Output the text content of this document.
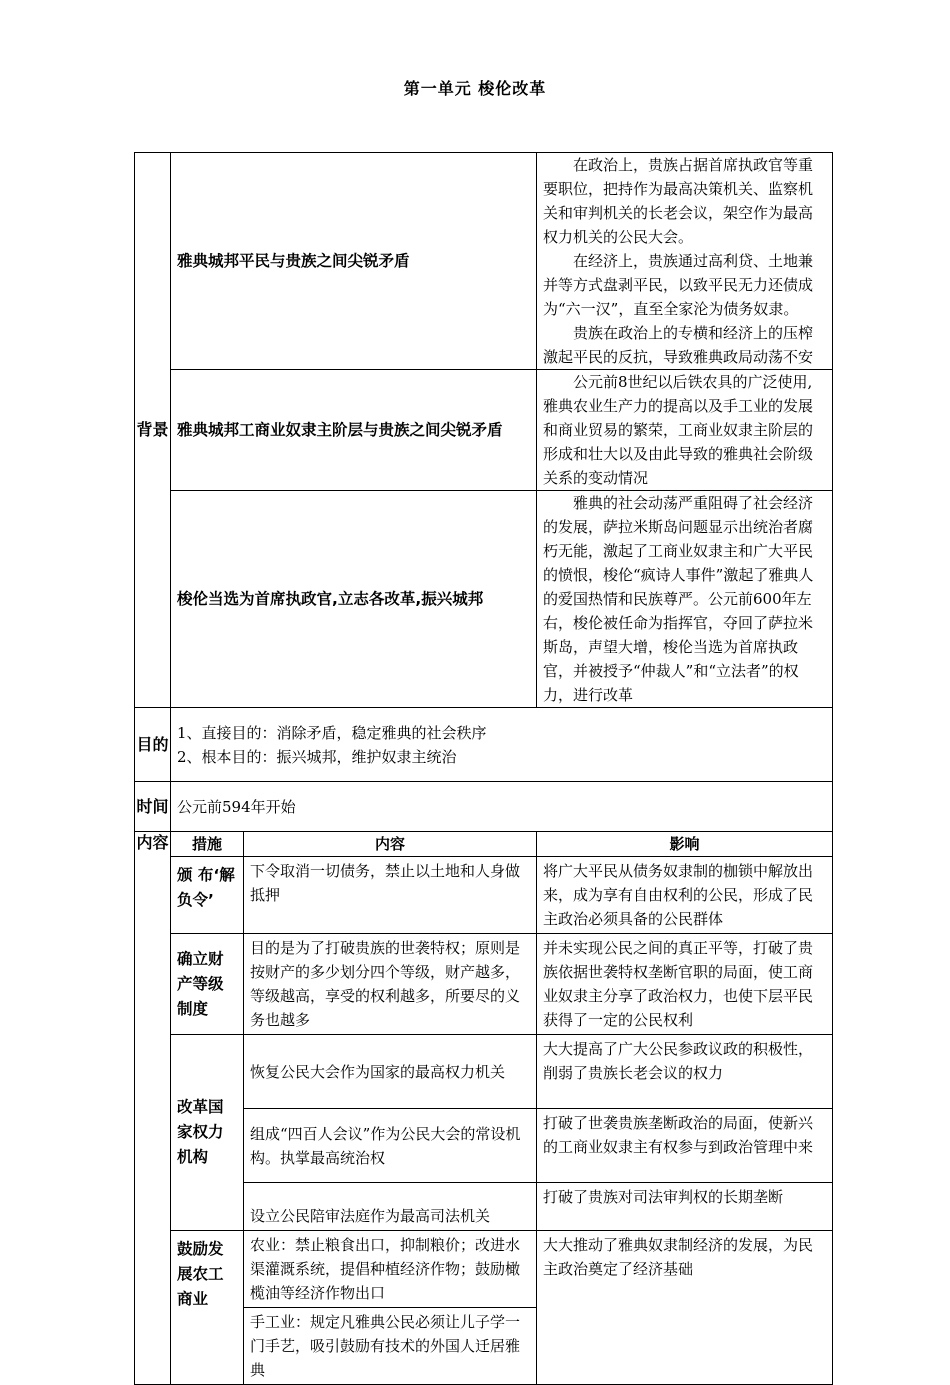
第一单元 梭伦改革
背景	雅典城邦平民与贵族之间尖锐矛盾		在政治上，贵族占据首席执政官等重要职位，把持作为最高决策机关、监察机关和审判机关的长老会议，架空作为最高权力机关的公民大会。

在经济上，贵族通过高利贷、土地兼并等方式盘剥平民，以致平民无力还债成为“六一汉”，直至全家沦为债务奴隶。

贵族在政治上的专横和经济上的压榨激起平民的反抗，导致雅典政局动荡不安

	雅典城邦工商业奴隶主阶层与贵族之间尖锐矛盾		公元前8世纪以后铁农具的广泛使用,雅典农业生产力的提高以及手工业的发展和商业贸易的繁荣，工商业奴隶主阶层的形成和壮大以及由此导致的雅典社会阶级关系的变动情况

	梭伦当选为首席执政官,立志各改革,振兴城邦		雅典的社会动荡严重阻碍了社会经济的发展，萨拉米斯岛问题显示出统治者腐朽无能，激起了工商业奴隶主和广大平民的愤恨，梭伦“疯诗人事件”激起了雅典人的爱国热情和民族尊严。公元前600年左右，梭伦被任命为指挥官，夺回了萨拉米斯岛，声望大增，梭伦当选为首席执政官，并被授予“仲裁人”和“立法者”的权力，进行改革

目的	1、直接目的：消除矛盾，稳定雅典的社会秩序
2、根本目的：振兴城邦，维护奴隶主统治		

时间	公元前594年开始		
内容	措施	内容	影响
	颁 布‘解负令’	下令取消一切债务，禁止以土地和人身做抵押	将广大平民从债务奴隶制的枷锁中解放出来，成为享有自由权利的公民，形成了民主政治必须具备的公民群体
	确立财产等级制度	目的是为了打破贵族的世袭特权；原则是按财产的多少划分四个等级，财产越多，等级越高，享受的权利越多，所要尽的义务也越多	并未实现公民之间的真正平等，打破了贵族依据世袭特权垄断官职的局面，使工商业奴隶主分享了政治权力，也使下层平民获得了一定的公民权利
	改革国家权力机构	恢复公民大会作为国家的最高权力机关	大大提高了广大公民参政议政的积极性，削弱了贵族长老会议的权力
		组成“四百人会议”作为公民大会的常设机构。执掌最高统治权	打破了世袭贵族垄断政治的局面，使新兴的工商业奴隶主有权参与到政治管理中来
		设立公民陪审法庭作为最高司法机关	打破了贵族对司法审判权的长期垄断
	鼓励发展农工商业	农业：禁止粮食出口，抑制粮价；改进水渠灌溉系统，提倡种植经济作物；鼓励橄榄油等经济作物出口	大大推动了雅典奴隶制经济的发展，为民主政治奠定了经济基础
		手工业：规定凡雅典公民必须让儿子学一门手艺，吸引鼓励有技术的外国人迁居雅典	
